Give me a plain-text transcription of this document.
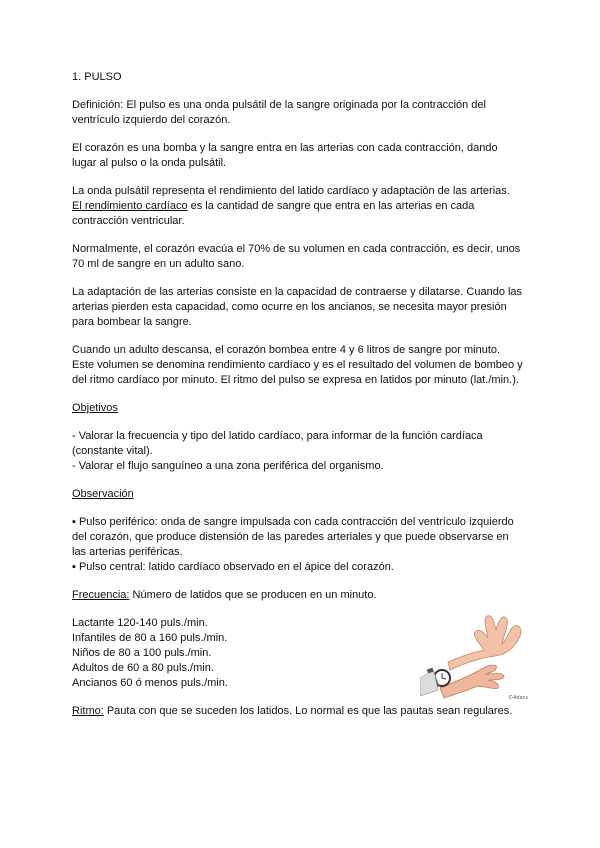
1. PULSO

Definición: El pulso es una onda pulsátil de la sangre originada por la contracción del ventrículo izquierdo del corazón.

El corazón es una bomba y la sangre entra en las arterias con cada contracción, dando lugar al pulso o la onda pulsátil.

La onda pulsátil representa el rendimiento del latido cardíaco y adaptación de las arterias.
El rendimiento cardíaco es la cantidad de sangre que entra en las arterias en cada contracción ventricular.

Normalmente, el corazón evacúa el 70% de su volumen en cada contracción, es decir, unos 70 ml de sangre en un adulto sano.

La adaptación de las arterias consiste en la capacidad de contraerse y dilatarse. Cuando las arterias pierden esta capacidad, como ocurre en los ancianos, se necesita mayor presión para bombear la sangre.

Cuando un adulto descansa, el corazón bombea entre 4 y 6 litros de sangre por minuto. Este volumen se denomina rendimiento cardíaco y es el resultado del volumen de bombeo y del ritmo cardíaco por minuto. El ritmo del pulso se expresa en latidos por minuto (lat./min.).

Objetivos

- Valorar la frecuencia y tipo del latido cardíaco, para informar de la función cardíaca (constante vital).

- Valorar el flujo sanguíneo a una zona periférica del organismo.

Observación

▪ Pulso periférico: onda de sangre impulsada con cada contracción del ventrículo izquierdo del corazón, que produce distensión de las paredes arteriales y que puede observarse en las arterias periféricas.

▪ Pulso central: latido cardíaco observado en el ápice del corazón.

Frecuencia: Número de latidos que se producen en un minuto.

Lactante 120-140 puls./min.

Infantiles de 80 a 160 puls./min.

Niños de 80 a 100 puls./min.

Adultos de 60 a 80 puls./min.

Ancianos 60 ó menos puls./min.

Ritmo: Pauta con que se suceden los latidos. Lo normal es que las pautas sean regulares.

©Adecs
